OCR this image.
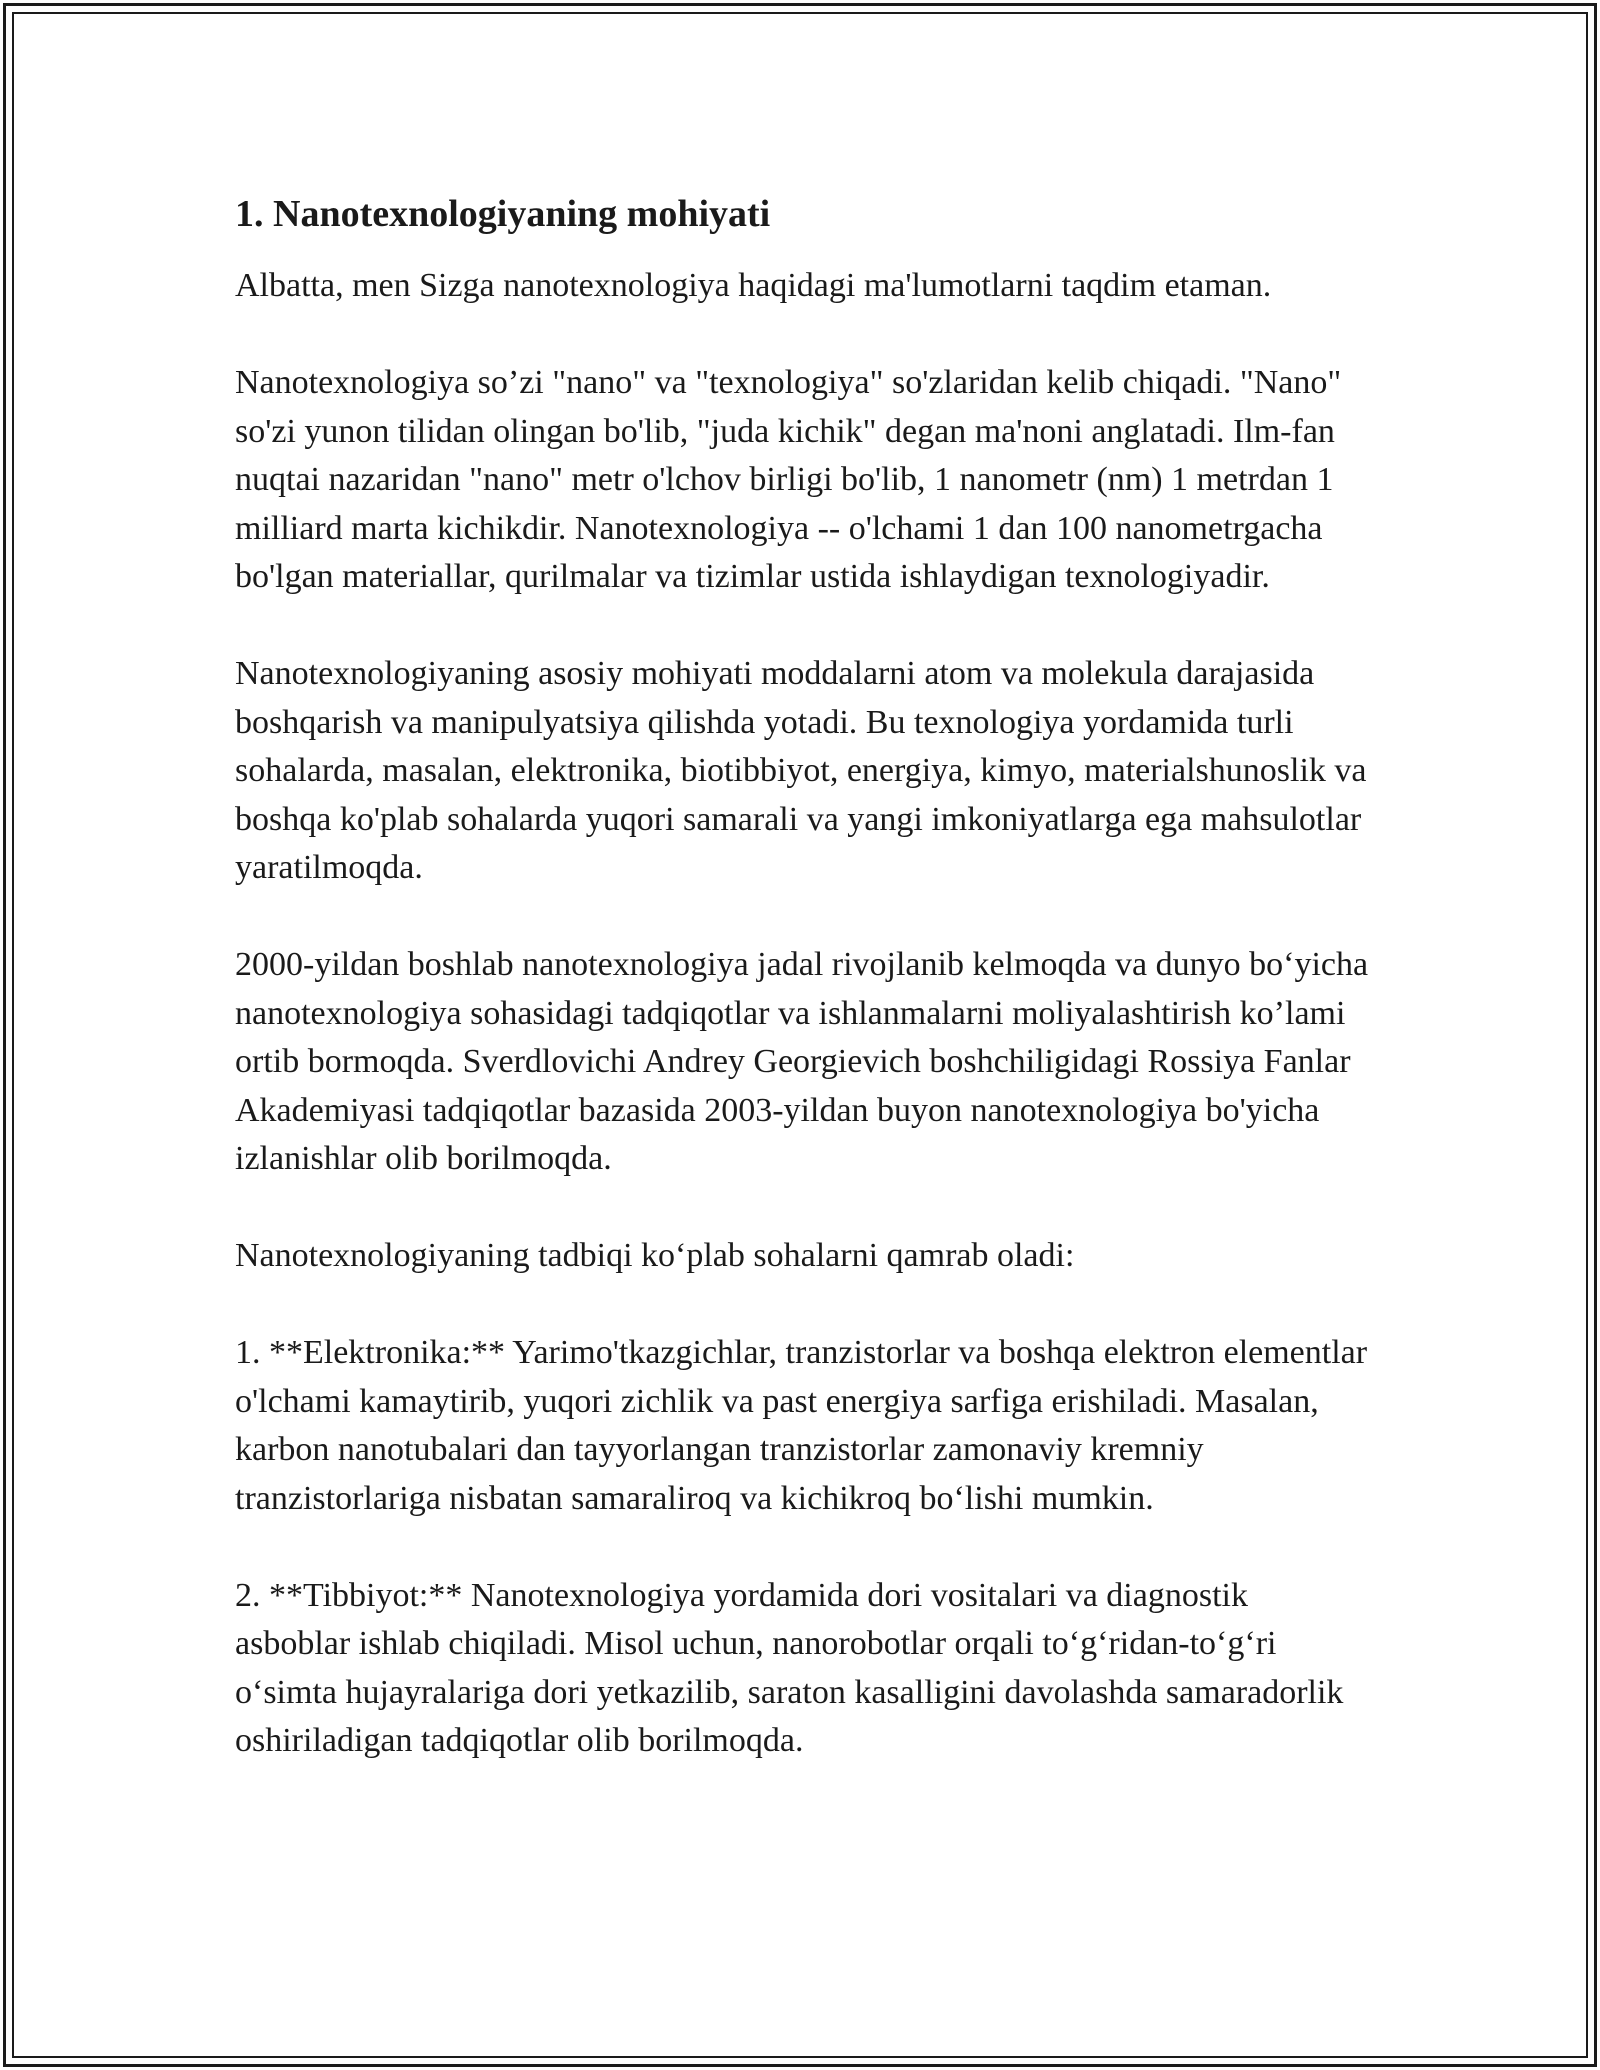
1. Nanotexnologiyaning mohiyati

Albatta, men Sizga nanotexnologiya haqidagi ma'lumotlarni taqdim etaman.

Nanotexnologiya so’zi "nano" va "texnologiya" so'zlaridan kelib chiqadi. "Nano" so'zi yunon tilidan olingan bo'lib, "juda kichik" degan ma'noni anglatadi. Ilm-fan nuqtai nazaridan "nano" metr o'lchov birligi bo'lib, 1 nanometr (nm) 1 metrdan 1 milliard marta kichikdir. Nanotexnologiya -- o'lchami 1 dan 100 nanometrgacha bo'lgan materiallar, qurilmalar va tizimlar ustida ishlaydigan texnologiyadir.

Nanotexnologiyaning asosiy mohiyati moddalarni atom va molekula darajasida boshqarish va manipulyatsiya qilishda yotadi. Bu texnologiya yordamida turli sohalarda, masalan, elektronika, biotibbiyot, energiya, kimyo, materialshunoslik va boshqa ko'plab sohalarda yuqori samarali va yangi imkoniyatlarga ega mahsulotlar yaratilmoqda.

2000-yildan boshlab nanotexnologiya jadal rivojlanib kelmoqda va dunyo bo‘yicha nanotexnologiya sohasidagi tadqiqotlar va ishlanmalarni moliyalashtirish ko’lami ortib bormoqda. Sverdlovichi Andrey Georgievich boshchiligidagi Rossiya Fanlar Akademiyasi tadqiqotlar bazasida 2003-yildan buyon nanotexnologiya bo'yicha izlanishlar olib borilmoqda.

Nanotexnologiyaning tadbiqi ko‘plab sohalarni qamrab oladi:

1. **Elektronika:** Yarimo'tkazgichlar, tranzistorlar va boshqa elektron elementlar o'lchami kamaytirib, yuqori zichlik va past energiya sarfiga erishiladi. Masalan, karbon nanotubalari dan tayyorlangan tranzistorlar zamonaviy kremniy tranzistorlariga nisbatan samaraliroq va kichikroq bo‘lishi mumkin.

2. **Tibbiyot:** Nanotexnologiya yordamida dori vositalari va diagnostik asboblar ishlab chiqiladi. Misol uchun, nanorobotlar orqali to‘g‘ridan-to‘g‘ri o‘simta hujayralariga dori yetkazilib, saraton kasalligini davolashda samaradorlik oshiriladigan tadqiqotlar olib borilmoqda.
